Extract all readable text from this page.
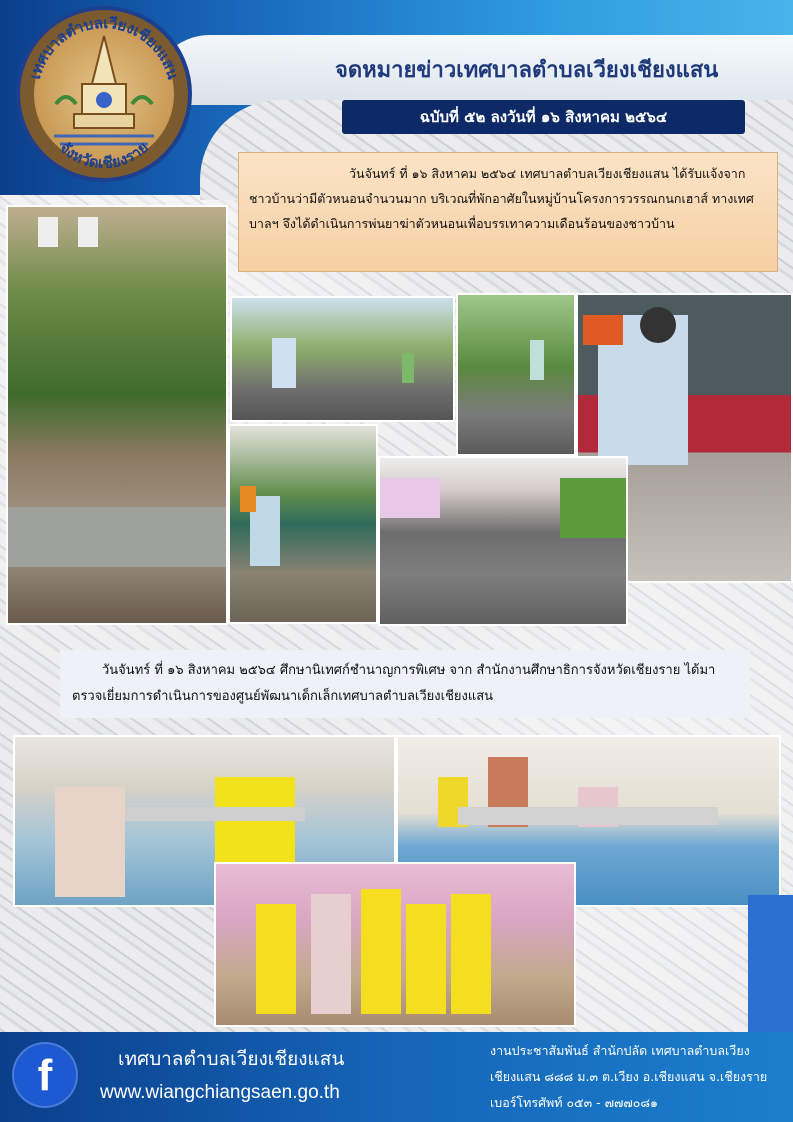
เทศบาลตำบลเวียงเชียงแสน
จังหวัดเชียงราย
จดหมายข่าวเทศบาลตำบลเวียงเชียงแสน
ฉบับที่ ๕๒ ลงวันที่ ๑๖ สิงหาคม ๒๕๖๔
วันจันทร์ ที่ ๑๖ สิงหาคม ๒๕๖๔ เทศบาลตำบลเวียงเชียงแสน ได้รับแจ้งจากชาวบ้านว่ามีตัวหนอนจำนวนมาก บริเวณที่พักอาศัยในหมู่บ้านโครงการวรรณกนกเฮาส์ ทางเทศบาลฯ จึงได้ดำเนินการพ่นยาฆ่าตัวหนอนเพื่อบรรเทาความเดือนร้อนของชาวบ้าน
วันจันทร์ ที่ ๑๖ สิงหาคม ๒๕๖๔ ศึกษานิเทศก์ชำนาญการพิเศษ จาก สำนักงานศึกษาธิการจังหวัดเชียงราย ได้มาตรวจเยี่ยมการดำเนินการของศูนย์พัฒนาเด็กเล็กเทศบาลตำบลเวียงเชียงแสน
f	เทศบาลตำบลเวียงเชียงแสน
www.wiangchiangsaen.go.th
งานประชาสัมพันธ์ สำนักปลัด เทศบาลตำบลเวียงเชียงแสน ๘๘๘ ม.๓ ต.เวียง อ.เชียงแสน จ.เชียงราย เบอร์โทรศัพท์ ๐๕๓ - ๗๗๗๐๘๑
